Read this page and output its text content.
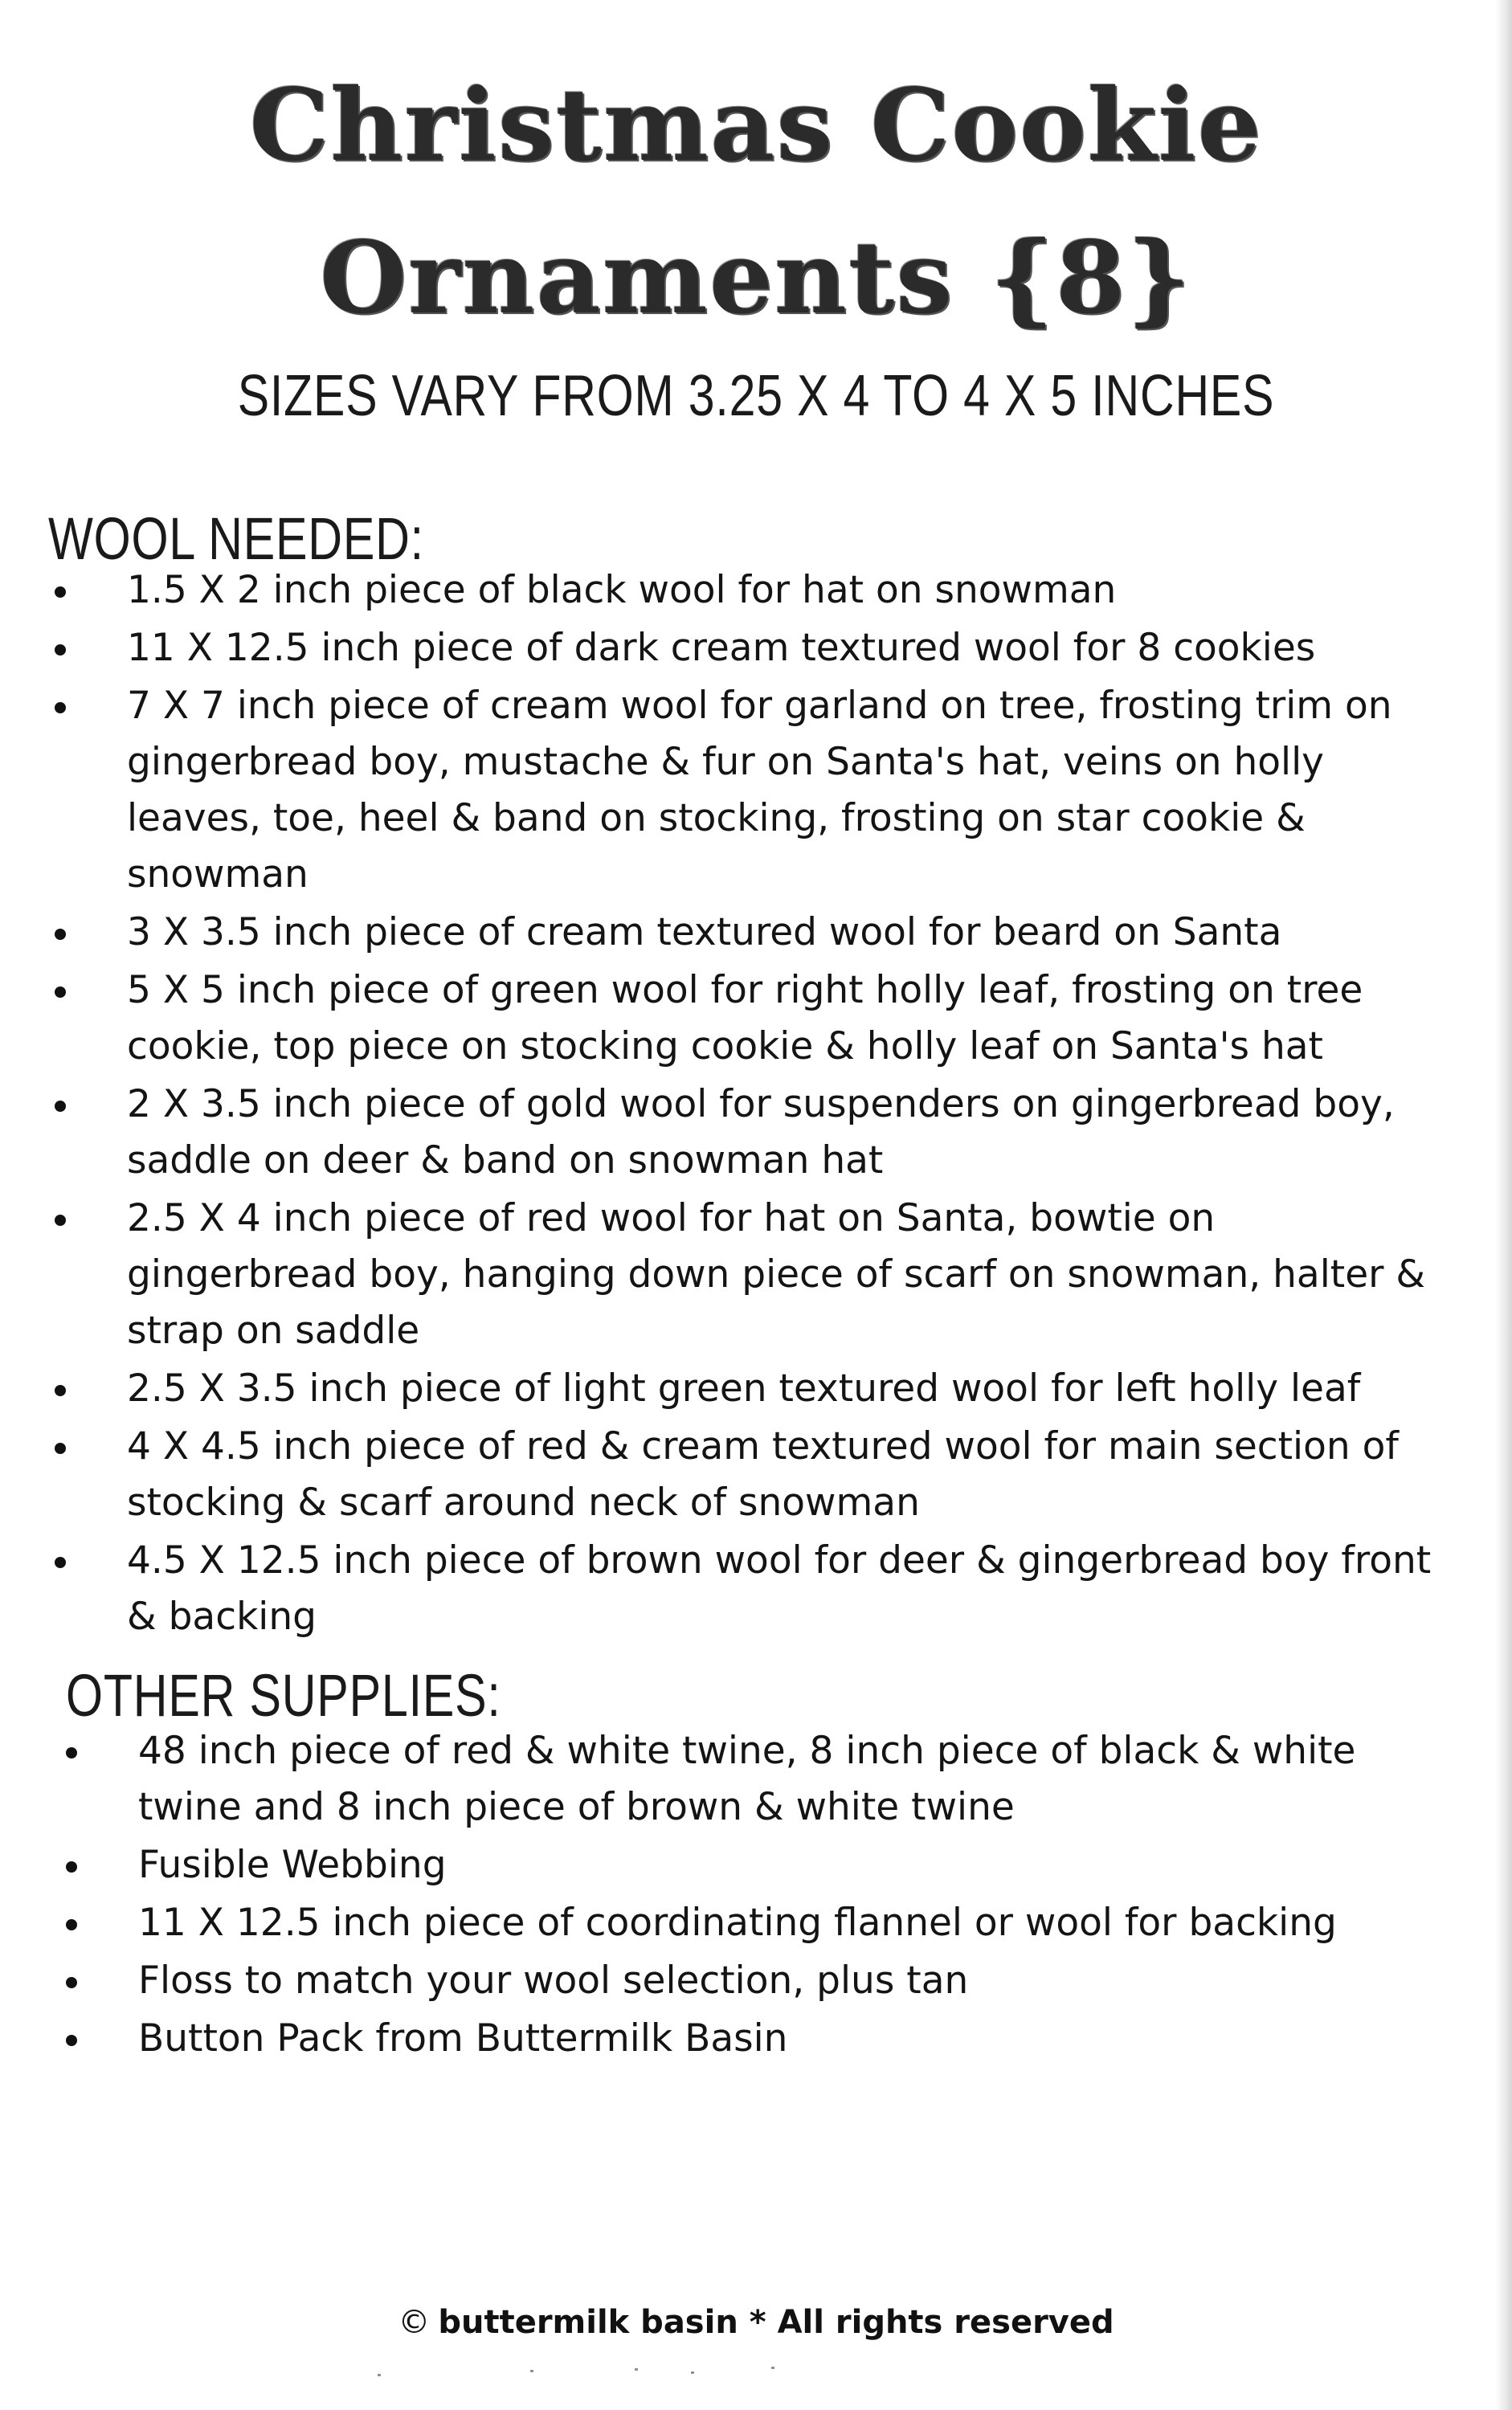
Christmas Cookie
Ornaments {8}
SIZES VARY FROM 3.25 X 4 TO 4 X 5 INCHES
WOOL NEEDED:
1.5 X 2 inch piece of black wool for hat on snowman
11 X 12.5 inch piece of dark cream textured wool for 8 cookies
7 X 7 inch piece of cream wool for garland on tree, frosting trim on gingerbread boy, mustache & fur on Santa's hat, veins on holly leaves, toe, heel & band on stocking, frosting on star cookie & snowman
3 X 3.5 inch piece of cream textured wool for beard on Santa
5 X 5 inch piece of green wool for right holly leaf, frosting on tree cookie, top piece on stocking cookie & holly leaf on Santa's hat
2 X 3.5 inch piece of gold wool for suspenders on gingerbread boy, saddle on deer & band on snowman hat
2.5 X 4 inch piece of red wool for hat on Santa, bowtie on gingerbread boy, hanging down piece of scarf on snowman, halter & strap on saddle
2.5 X 3.5 inch piece of light green textured wool for left holly leaf
4 X 4.5 inch piece of red & cream textured wool for main section of stocking & scarf around neck of snowman
4.5 X 12.5 inch piece of brown wool for deer & gingerbread boy front & backing
OTHER SUPPLIES:
48 inch piece of red & white twine, 8 inch piece of black & white twine and 8 inch piece of brown & white twine
Fusible Webbing
11 X 12.5 inch piece of coordinating flannel or wool for backing
Floss to match your wool selection, plus tan
Button Pack from Buttermilk Basin
© buttermilk basin * All rights reserved
